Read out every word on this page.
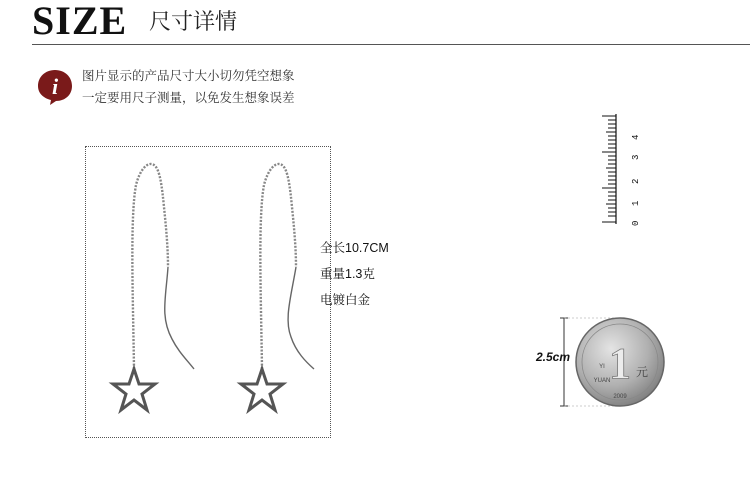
SIZE 尺寸详情
i 图片显示的产品尺寸大小切勿凭空想象
一定要用尺子测量，以免发生想象误差
全长10.7CM
重量1.3克
电镀白金
4
3
2
1
0
1 元
YI
YUAN
2009
2.5cm
